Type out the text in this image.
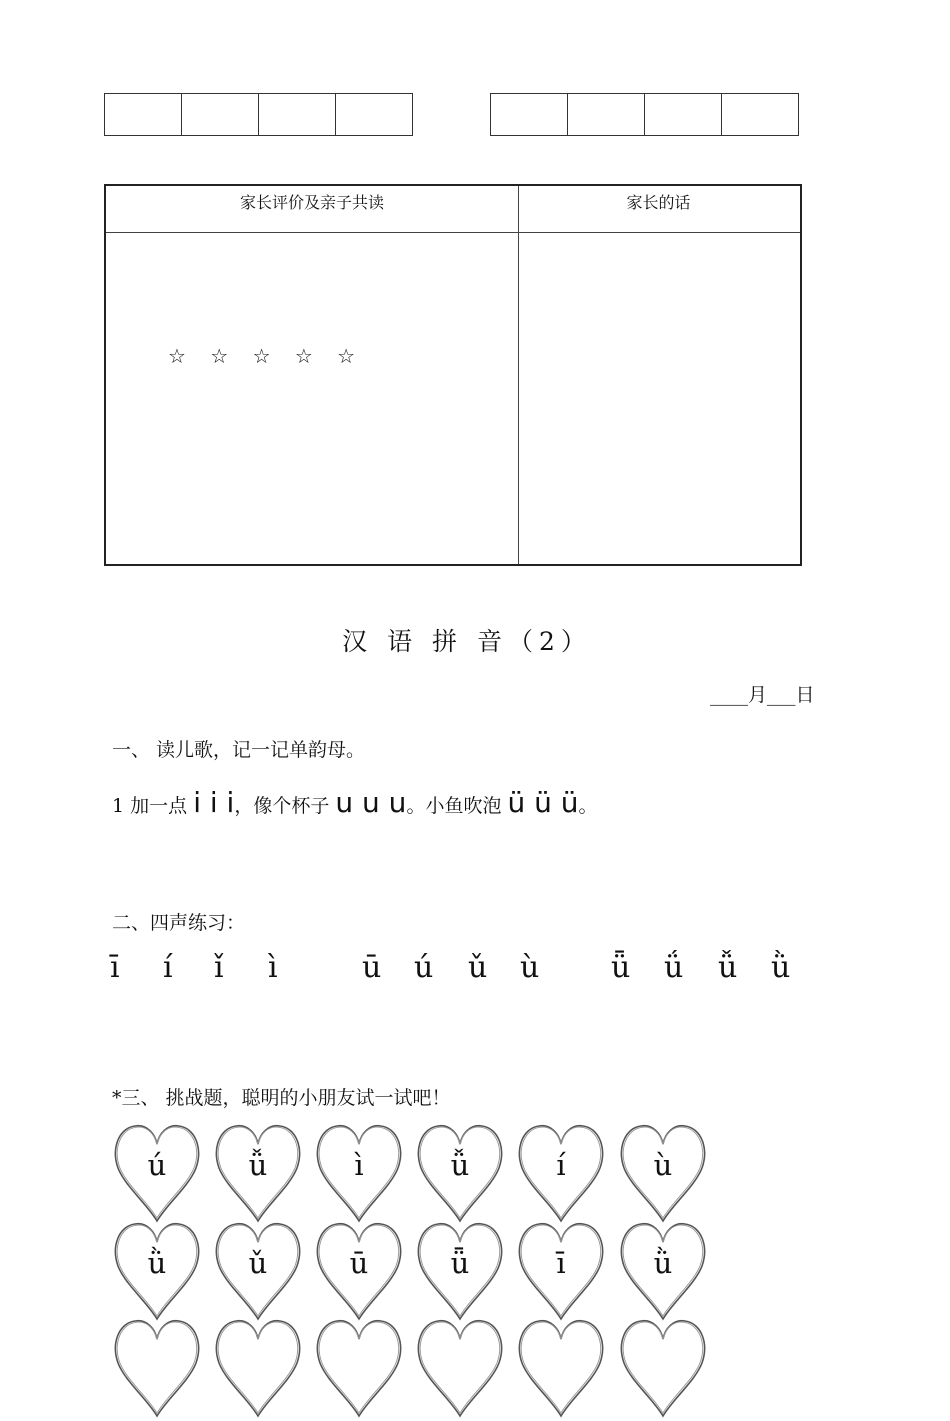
家长评价及亲子共读	家长的话
☆ ☆ ☆ ☆ ☆
汉 语 拼 音（2）
____月___日
一、 读儿歌，记一记单韵母。
1 加一点 i i i，像个杯子 u u u。小鱼吹泡 ü ü ü。
二、四声练习：
ī í ǐ ì	ū ú ǔ ù ǖ ǘ ǚ ǜ
*三、 挑战题，聪明的小朋友试一试吧！
ú	ǚ	ì	ǚ	í	ù
ǜ	ǔ	ū	ǖ	ī	ǜ
